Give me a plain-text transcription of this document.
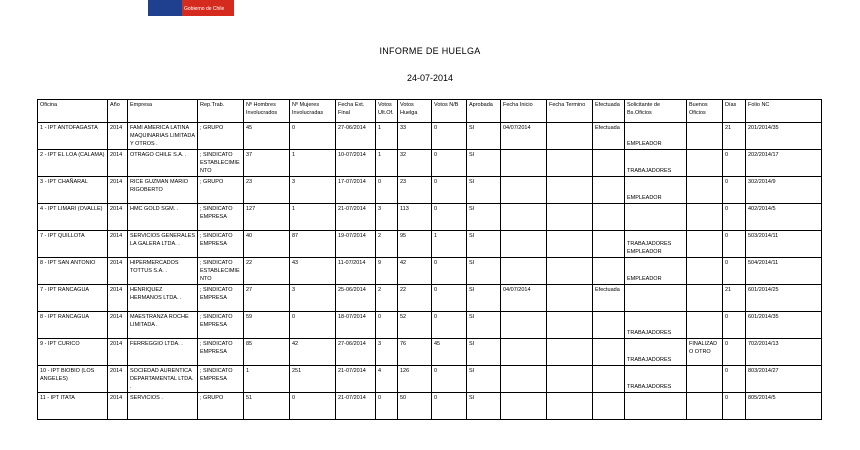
Gobierno de Chile
INFORME DE HUELGA
24-07-2014
Oficina	Año	Empresa	Rep.Trab.	Nº Hombres Involucrados	Nº Mujeres Involucradas	Fecha Ext. Final	Votos Ult.Of.	Votos Huelga	Votos N/B	Aprobada	Fecha Inicio	Fecha Termino	Efectuada	Solicitante de Bs.Oficios	Buenos Oficios	Días	Folio NC
1 - IPT ANTOFAGASTA	2014	FAMI AMERICA LATINA MAQUINARIAS LIMITADA Y OTROS .	; GRUPO	45	0	27-06/2014	1	33	0	SI	04/07/2014		Efectuada	EMPLEADOR		21	201/2014/35
2 - IPT EL LOA (CALAMA)	2014	OTRAGO CHILE S.A. .	; SINDICATO ESTABLECIMIENTO	37	1	10-07/2014	1	32	0	SI				TRABAJADORES		0	202/2014/17
3 - IPT CHAÑARAL	2014	RICE GUZMAN MARIO RIGOBERTO	; GRUPO	23	3	17-07/2014	0	23	0	SI				EMPLEADOR		0	302/2014/9
4 - IPT LIMARI (OVALLE)	2014	HMC GOLD SGM. .	; SINDICATO EMPRESA	127	1	21-07/2014	3	113	0	SI						0	402/2014/5
7 - IPT QUILLOTA	2014	SERVICIOS GENERALES LA GALERA LTDA. .	; SINDICATO EMPRESA	40	87	19-07/2014	2	95	1	SI				TRABAJADORES EMPLEADOR		0	503/2014/11
8 - IPT SAN ANTONIO	2014	HIPERMERCADOS TOTTUS S.A. .	; SINDICATO ESTABLECIMIENTO	22	43	11-07/2014	9	42	0	SI				EMPLEADOR		0	504/2014/11
7 - IPT RANCAGUA	2014	HENRIQUEZ HERMANOS LTDA. .	; SINDICATO EMPRESA	27	3	25-06/2014	2	22	0	SI	04/07/2014		Efectuada			21	601/2014/25
8 - IPT RANCAGUA	2014	MAESTRANZA ROCHE LIMITADA .	; SINDICATO EMPRESA	59	0	18-07/2014	0	52	0	SI				TRABAJADORES		0	601/2014/35
9 - IPT CURICO	2014	FERREGGIO LTDA. .	; SINDICATO EMPRESA	85	42	27-06/2014	3	76	45	SI				TRABAJADORES	FINALIZADO OTRO	0	702/2014/13
10 - IPT BIOBIO (LOS ANGELES)	2014	SOCIEDAD AURENTICA DEPARTAMENTAL LTDA. .	; SINDICATO EMPRESA	1	251	21-07/2014	4	126	0	SI				TRABAJADORES		0	803/2014/27
11 - IPT ITATA	2014	SERVICIOS .	; GRUPO	51	0	21-07/2014	0	50	0	SI						0	805/2014/5
